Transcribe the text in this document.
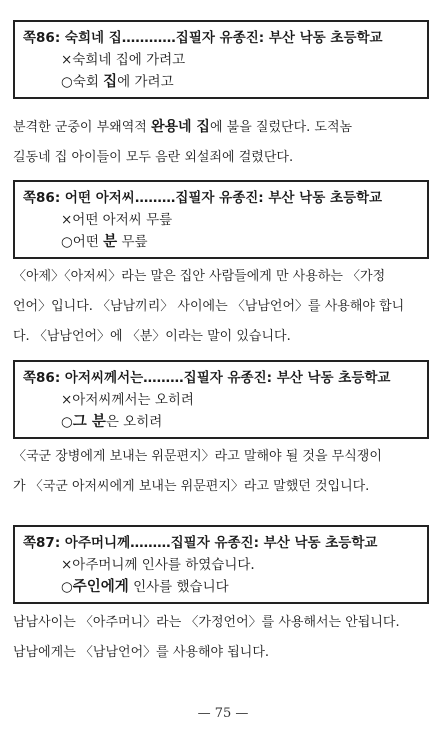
쪽86: 숙희네 집…………집필자 유종진: 부산 낙동 초등학교
×숙희네 집에 가려고
○숙회 집에 가려고
분격한 군중이 부왜역적 완용네 집에 불을 질렀단다. 도적놈
길동네 집 아이들이 모두 음란 외설죄에 걸렸단다.
쪽86: 어떤 아저씨………집필자 유종진: 부산 낙동 초등학교
×어떤 아저씨 무릎
○어떤 분 무릎
〈아제〉〈아저씨〉라는 말은 집안 사람들에게 만 사용하는 〈가정
언어〉입니다. 〈남남끼리〉 사이에는 〈남남언어〉를 사용해야 합니
다. 〈남남언어〉에 〈분〉이라는 말이 있습니다.
쪽86: 아저씨께서는………집필자 유종진: 부산 낙동 초등학교
×아저씨께서는 오히려
○그 분은 오히려
〈국군 장병에게 보내는 위문편지〉라고 말해야 될 것을 무식쟁이
가 〈국군 아저씨에게 보내는 위문편지〉라고 말했던 것입니다.
쪽87: 아주머니께………집필자 유종진: 부산 낙동 초등학교
×아주머니께 인사를 하였습니다.
○주인에게 인사를 했습니다
남남사이는 〈아주머니〉라는 〈가정언어〉를 사용해서는 안됩니다.
남남에게는 〈남남언어〉를 사용해야 됩니다.
— 75 —
